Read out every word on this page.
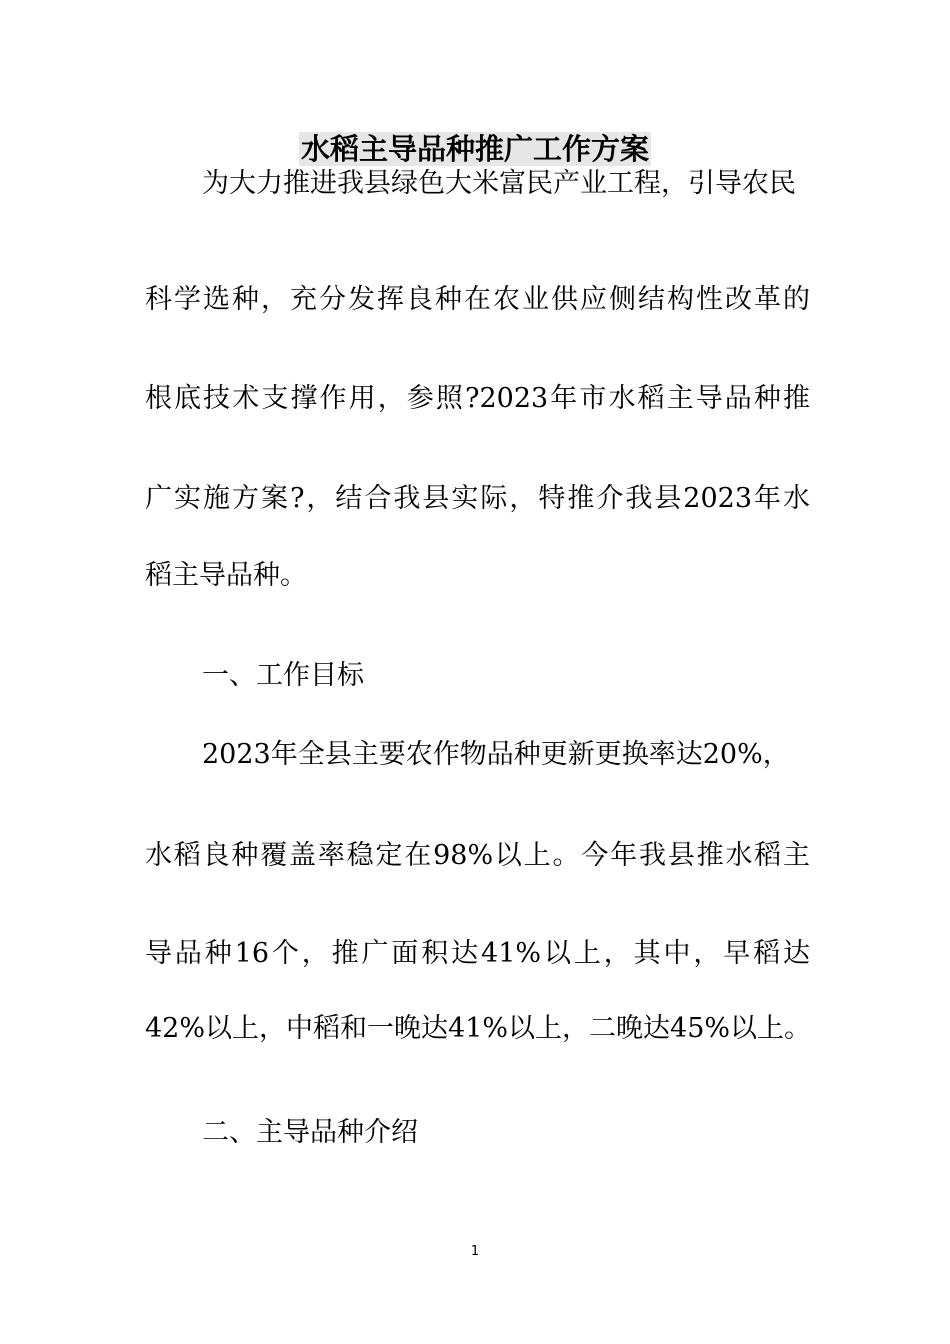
水稻主导品种推广工作方案

为大力推进我县绿色大米富民产业工程，引导农民

科学选种，充分发挥良种在农业供应侧结构性改革的

根底技术支撑作用，参照?2023年市水稻主导品种推

广实施方案?，结合我县实际，特推介我县2023年水

稻主导品种。

一、工作目标

2023年全县主要农作物品种更新更换率达20%，

水稻良种覆盖率稳定在98%以上。今年我县推水稻主

导品种16个，推广面积达41%以上，其中，早稻达

42%以上，中稻和一晚达41%以上，二晚达45%以上。

二、主导品种介绍

1
